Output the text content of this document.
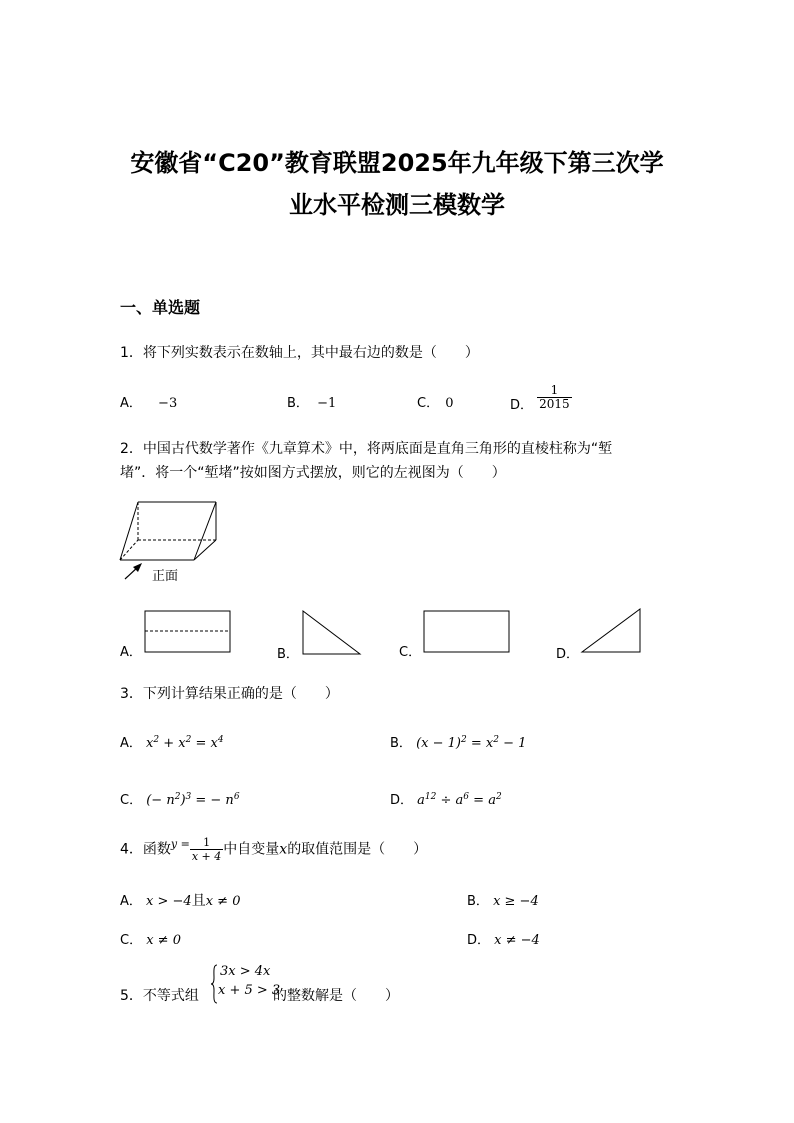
安徽省“C20”教育联盟2025年九年级下第三次学
业水平检测三模数学
一、单选题
1．将下列实数表示在数轴上，其中最右边的数是（　　）
A． −3	B． −1	C． 0	D． $\frac{1}{2015}$
2．中国古代数学著作《九章算术》中，将两底面是直角三角形的直棱柱称为“堑
堵”．将一个“堑堵”按如图方式摆放，则它的左视图为（　　）
正面
A．	B．	C．	D．
3．下列计算结果正确的是（　　）
A． $x^2 + x^2 = x^4$	B． $(x - 1)^2 = x^2 - 1$
C． (− $n^2)^3$ = − $n^6$	D． $a^{12} \div a^6 = a^2$
4．函数$^{y =} \frac{1}{x + 4}$ 中自变量x的取值范围是（　　）
A． x > −4且x ≠ 0	B． x ≥ −4
C． x ≠ 0	D． x ≠ −4
5．不等式组
3x > 4x
x + 5 > 3
的整数解是（　　）
